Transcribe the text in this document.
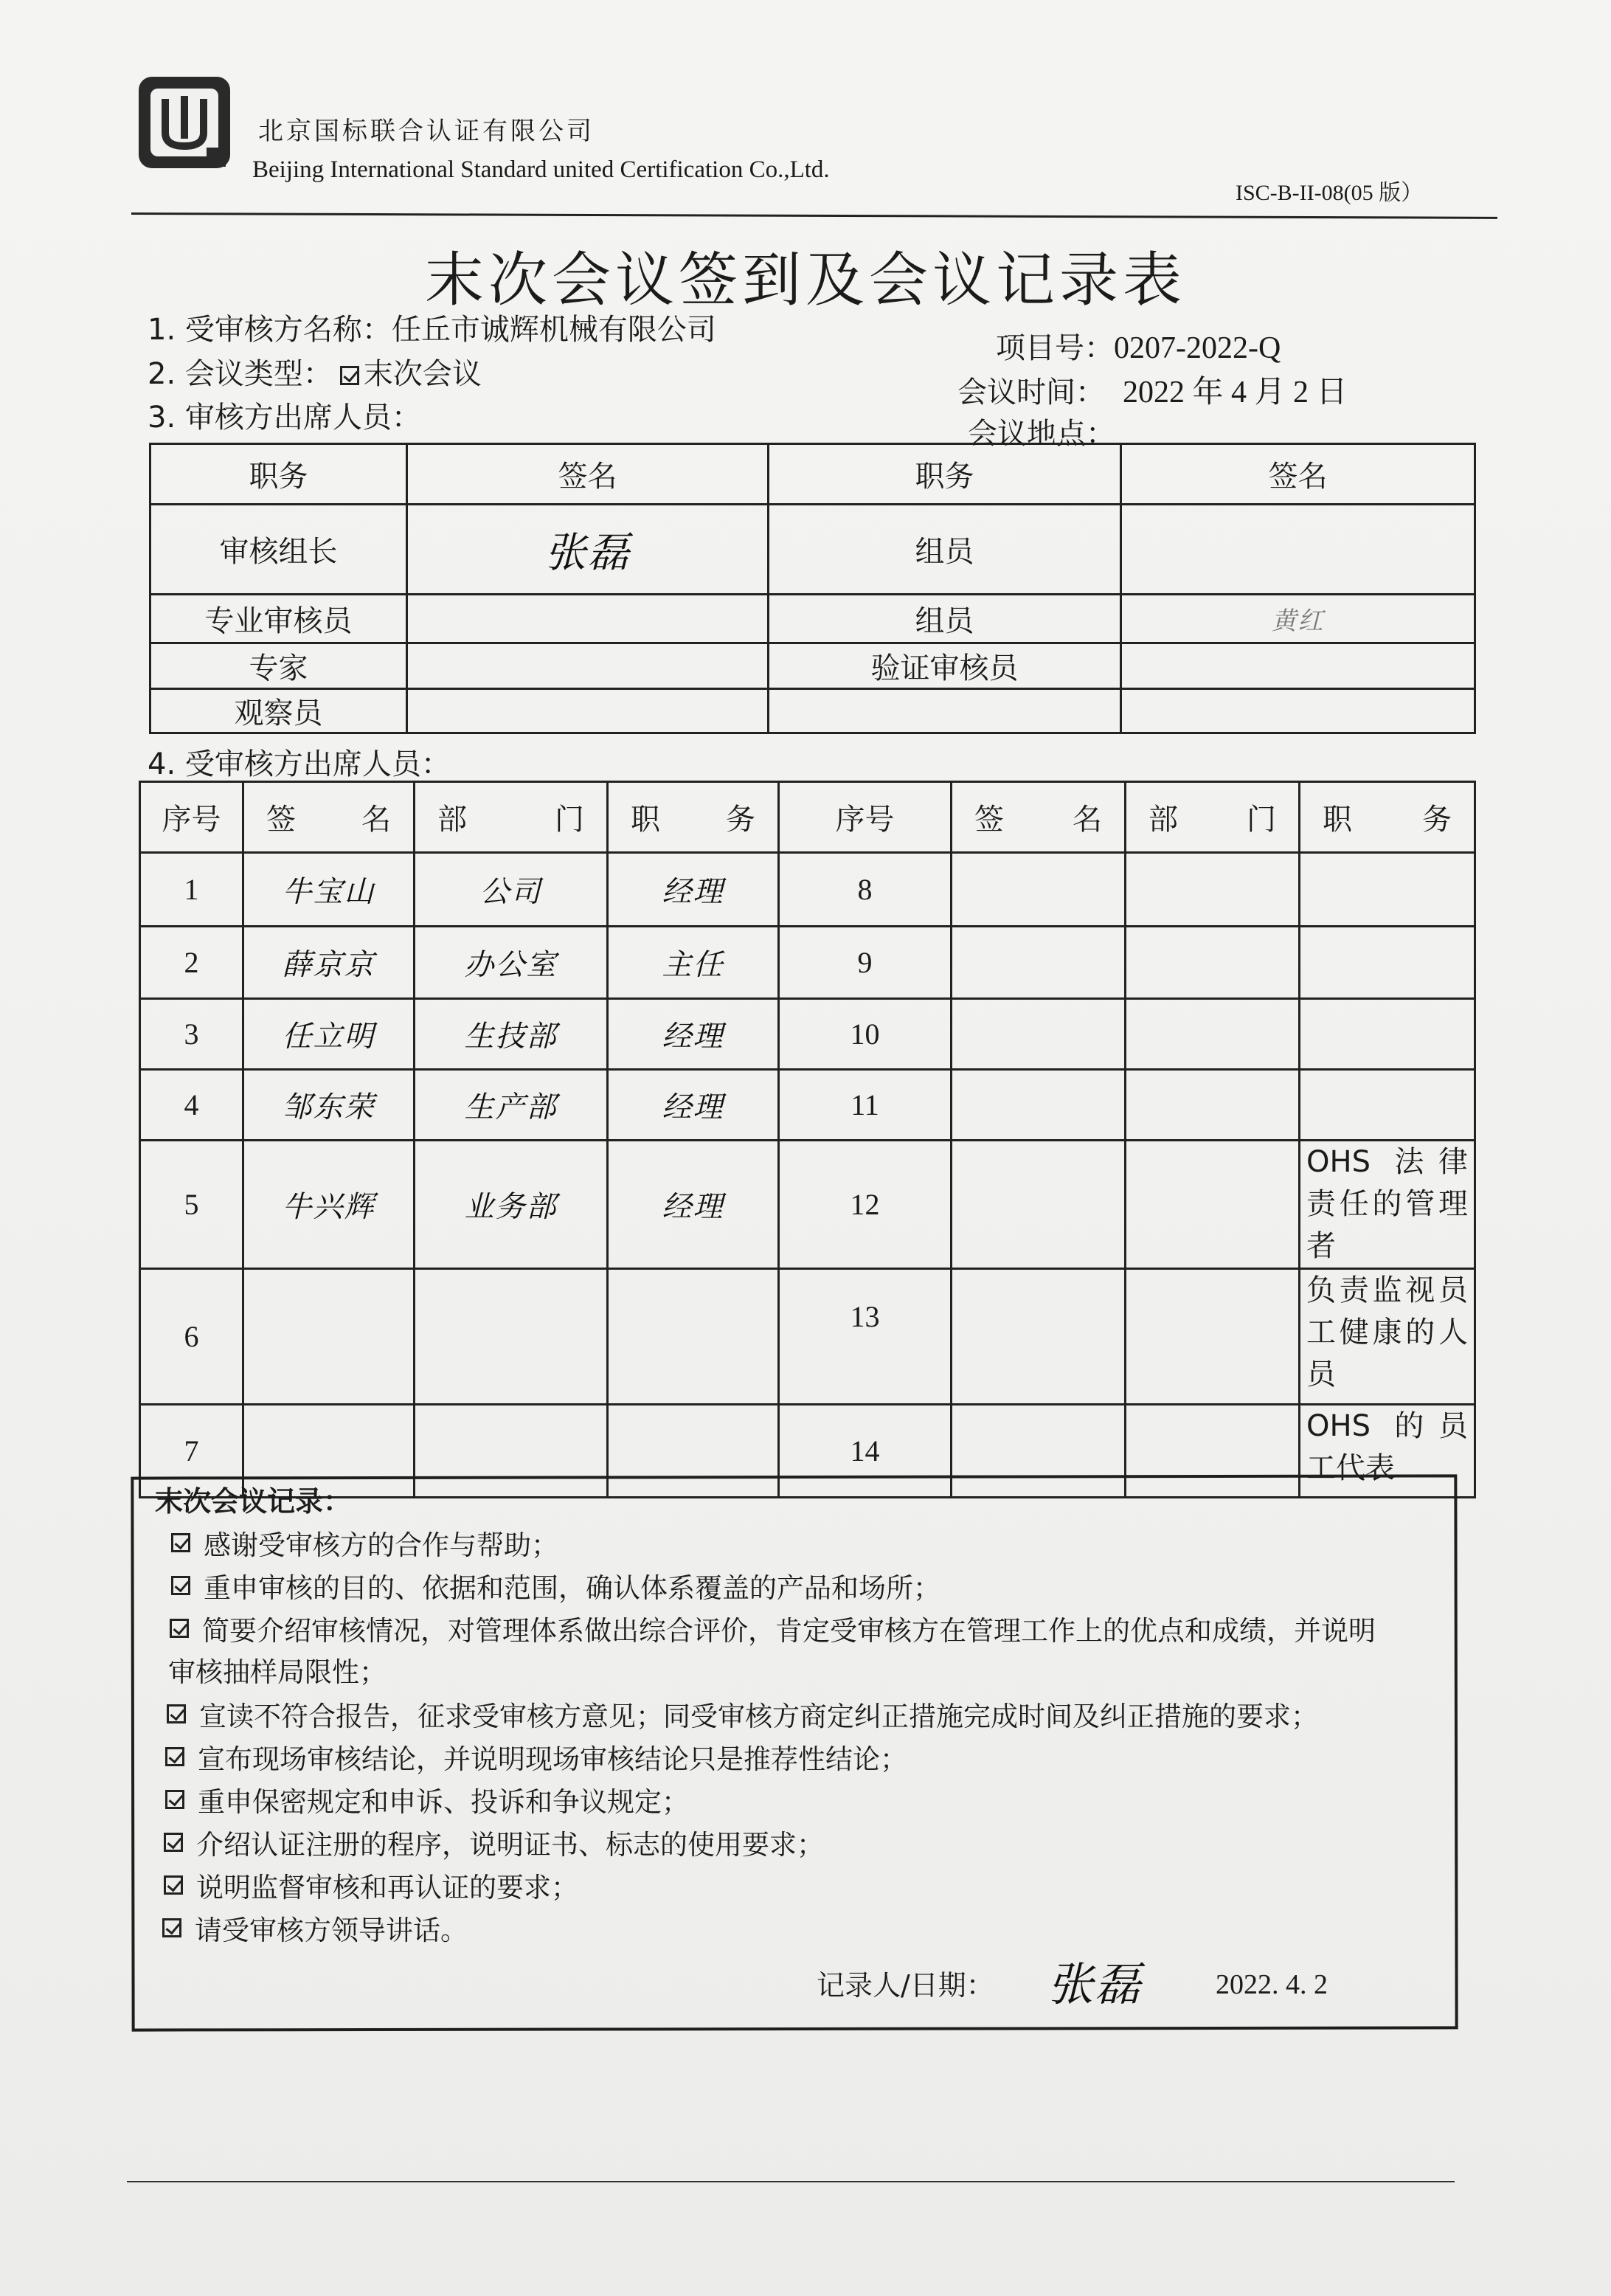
北京国标联合认证有限公司
Beijing International Standard united Certification Co.,Ltd.
ISC-B-II-08(05 版）
末次会议签到及会议记录表
1. 受审核方名称：任丘市诚辉机械有限公司
2. 会议类型： 末次会议
3. 审核方出席人员：
项目号：0207-2022-Q
会议时间： 2022 年 4 月 2 日
会议地点：
职务	签名	职务	签名
审核组长	张磊	组员	
专业审核员		组员	黄红
专家		验证审核员	
观察员			
4. 受审核方出席人员：
序号	签 名	部 门	职 务	序号	签 名	部 门	职 务

1	牛宝山	公司	经理	8			
2	薛京京	办公室	主任	9			
3	任立明	生技部	经理	10			
4	邹东荣	生产部	经理	11			
5	牛兴辉	业务部	经理	12			OHS 法律责任的管理者
6				13			负责监视员工健康的人员
7				14			OHS 的员工代表
末次会议记录：
感谢受审核方的合作与帮助；
重申审核的目的、依据和范围，确认体系覆盖的产品和场所；
简要介绍审核情况，对管理体系做出综合评价，肯定受审核方在管理工作上的优点和成绩，并说明
审核抽样局限性；
宣读不符合报告，征求受审核方意见；同受审核方商定纠正措施完成时间及纠正措施的要求；
宣布现场审核结论，并说明现场审核结论只是推荐性结论；
重申保密规定和申诉、投诉和争议规定；
介绍认证注册的程序，说明证书、标志的使用要求；
说明监督审核和再认证的要求；
请受审核方领导讲话。
记录人/日期： 张磊	2022. 4. 2
